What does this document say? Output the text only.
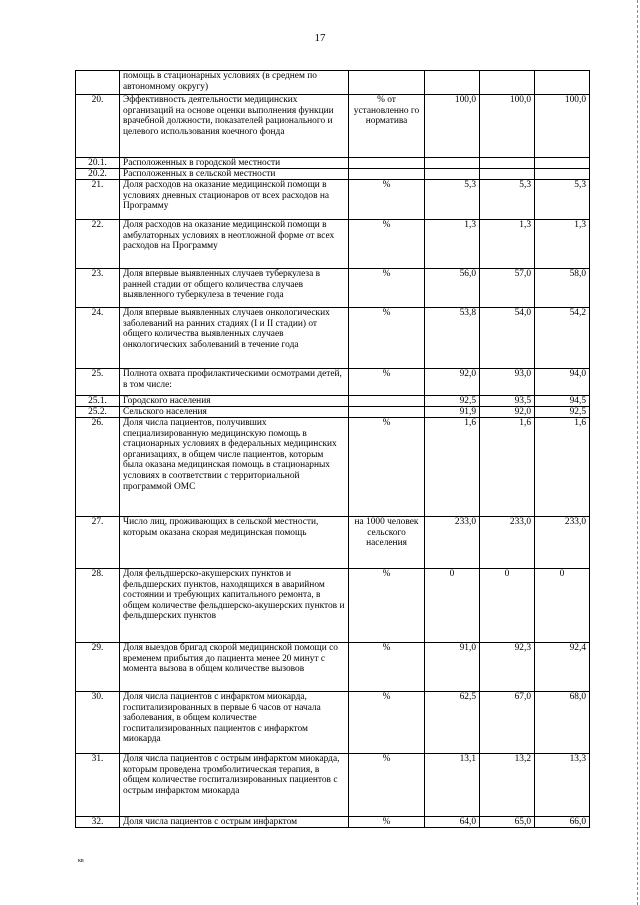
17
	помощь в стационарных условиях (в среднем по автономному округу)				
20.	Эффективность деятельности медицинских организаций на основе оценки выполнения функции врачебной должности, показателей рационального и целевого использования коечного фонда	% от установленно го норматива	100,0	100,0	100,0
20.1.	Расположенных в городской местности				
20.2.	Расположенных в сельской местности				
21.	Доля расходов на оказание медицинской помощи в условиях дневных стационаров от всех расходов на Программу	%	5,3	5,3	5,3
22.	Доля расходов на оказание медицинской помощи в амбулаторных условиях в неотложной форме от всех расходов на Программу	%	1,3	1,3	1,3
23.	Доля впервые выявленных случаев туберкулеза в ранней стадии от общего количества случаев выявленного туберкулеза в течение года	%	56,0	57,0	58,0
24.	Доля впервые выявленных случаев онкологических заболеваний на ранних стадиях (I и II стадии) от общего количества выявленных случаев онкологических заболеваний в течение года	%	53,8	54,0	54,2
25.	Полнота охвата профилактическими осмотрами детей, в том числе:	%	92,0	93,0	94,0
25.1.	Городского населения		92,5	93,5	94,5
25.2.	Сельского населения		91,9	92,0	92,5
26.	Доля числа пациентов, получивших специализированную медицинскую помощь в стационарных условиях в федеральных медицинских организациях, в общем числе пациентов, которым была оказана медицинская помощь в стационарных условиях в соответствии с территориальной программой ОМС	%	1,6	1,6	1,6
27.	Число лиц, проживающих в сельской местности, которым оказана скорая медицинская помощь	на 1000 человек сельского населения	233,0	233,0	233,0
28.	Доля фельдшерско-акушерских пунктов и фельдшерских пунктов, находящихся в аварийном состоянии и требующих капитального ремонта, в общем количестве фельдшерско-акушерских пунктов и фельдшерских пунктов	%	0	0	0
29.	Доля выездов бригад скорой медицинской помощи со временем прибытия до пациента менее 20 минут с момента вызова в общем количестве вызовов	%	91,0	92,3	92,4
30.	Доля числа пациентов с инфарктом миокарда, госпитализированных в первые 6 часов от начала заболевания, в общем количестве госпитализированных пациентов с инфарктом миокарда	%	62,5	67,0	68,0
31.	Доля числа пациентов с острым инфарктом миокарда, которым проведена тромболитическая терапия, в общем количестве госпитализированных пациентов с острым инфарктом миокарда	%	13,1	13,2	13,3
32.	Доля числа пациентов с острым инфарктом	%	64,0	65,0	66,0
кв
